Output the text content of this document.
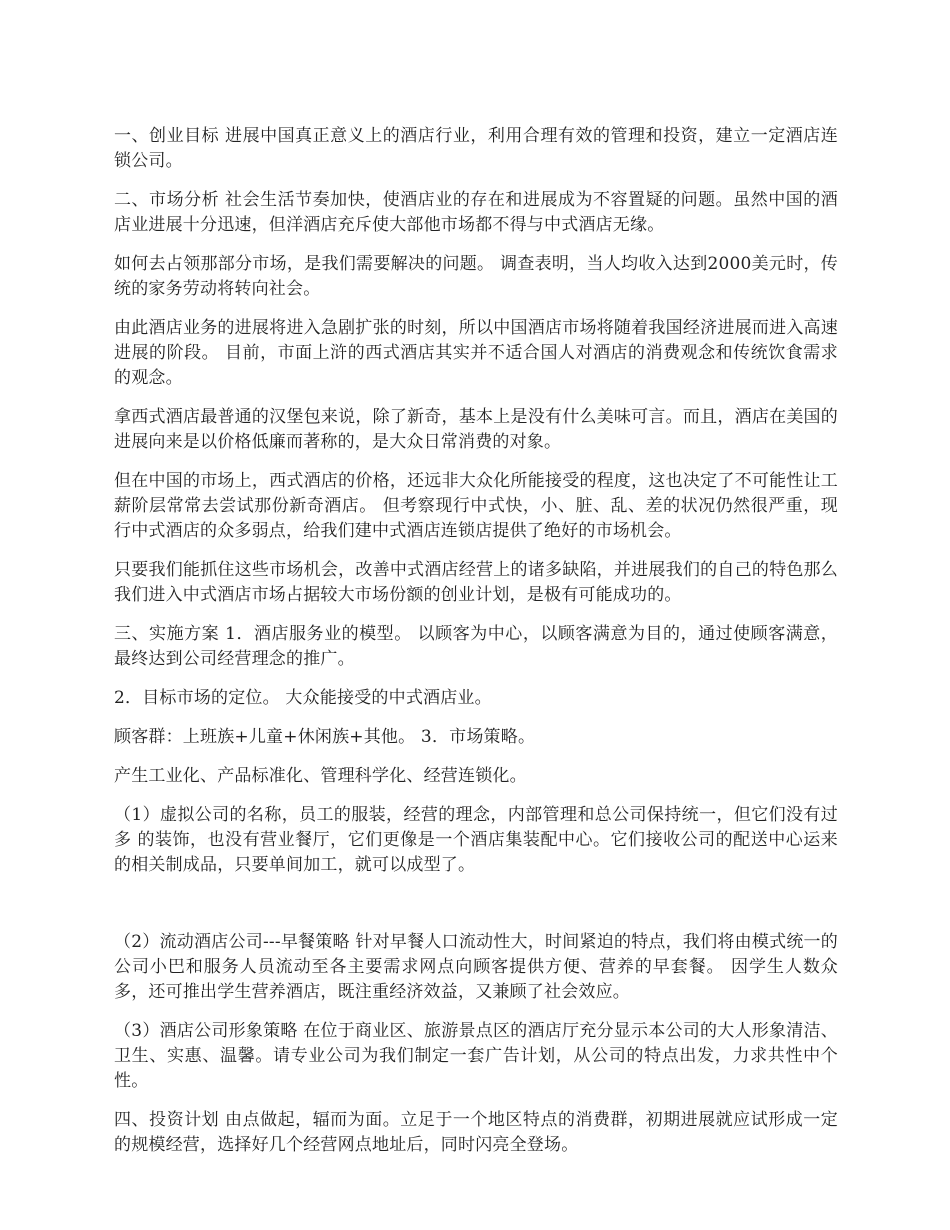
一、创业目标 进展中国真正意义上的酒店行业，利用合理有效的管理和投资，建立一定酒店连锁公司。

二、市场分析 社会生活节奏加快，使酒店业的存在和进展成为不容置疑的问题。虽然中国的酒店业进展十分迅速，但洋酒店充斥使大部他市场都不得与中式酒店无缘。

如何去占领那部分市场，是我们需要解决的问题。 调查表明，当人均收入达到2000美元时，传统的家务劳动将转向社会。

由此酒店业务的进展将进入急剧扩张的时刻，所以中国酒店市场将随着我国经济进展而进入高速进展的阶段。 目前，市面上浒的西式酒店其实并不适合国人对酒店的消费观念和传统饮食需求的观念。

拿西式酒店最普通的汉堡包来说，除了新奇，基本上是没有什么美味可言。而且，酒店在美国的进展向来是以价格低廉而著称的，是大众日常消费的对象。

但在中国的市场上，西式酒店的价格，还远非大众化所能接受的程度，这也决定了不可能性让工薪阶层常常去尝试那份新奇酒店。 但考察现行中式快，小、脏、乱、差的状况仍然很严重，现行中式酒店的众多弱点，给我们建中式酒店连锁店提供了绝好的市场机会。

只要我们能抓住这些市场机会，改善中式酒店经营上的诸多缺陷，并进展我们的自己的特色那么我们进入中式酒店市场占据较大市场份额的创业计划，是极有可能成功的。

三、实施方案 1．酒店服务业的模型。 以顾客为中心，以顾客满意为目的，通过使顾客满意，最终达到公司经营理念的推广。

2．目标市场的定位。 大众能接受的中式酒店业。

顾客群：上班族+儿童+休闲族+其他。 3．市场策略。

产生工业化、产品标准化、管理科学化、经营连锁化。

（1）虚拟公司的名称，员工的服装，经营的理念，内部管理和总公司保持统一，但它们没有过多 的装饰，也没有营业餐厅，它们更像是一个酒店集装配中心。它们接收公司的配送中心运来的相关制成品，只要单间加工，就可以成型了。

（2）流动酒店公司---早餐策略 针对早餐人口流动性大，时间紧迫的特点，我们将由模式统一的公司小巴和服务人员流动至各主要需求网点向顾客提供方便、营养的早套餐。 因学生人数众多，还可推出学生营养酒店，既注重经济效益，又兼顾了社会效应。

（3）酒店公司形象策略 在位于商业区、旅游景点区的酒店厅充分显示本公司的大人形象清洁、卫生、实惠、温馨。请专业公司为我们制定一套广告计划，从公司的特点出发，力求共性中个性。

四、投资计划 由点做起，辐而为面。立足于一个地区特点的消费群，初期进展就应试形成一定的规模经营，选择好几个经营网点地址后，同时闪亮全登场。
